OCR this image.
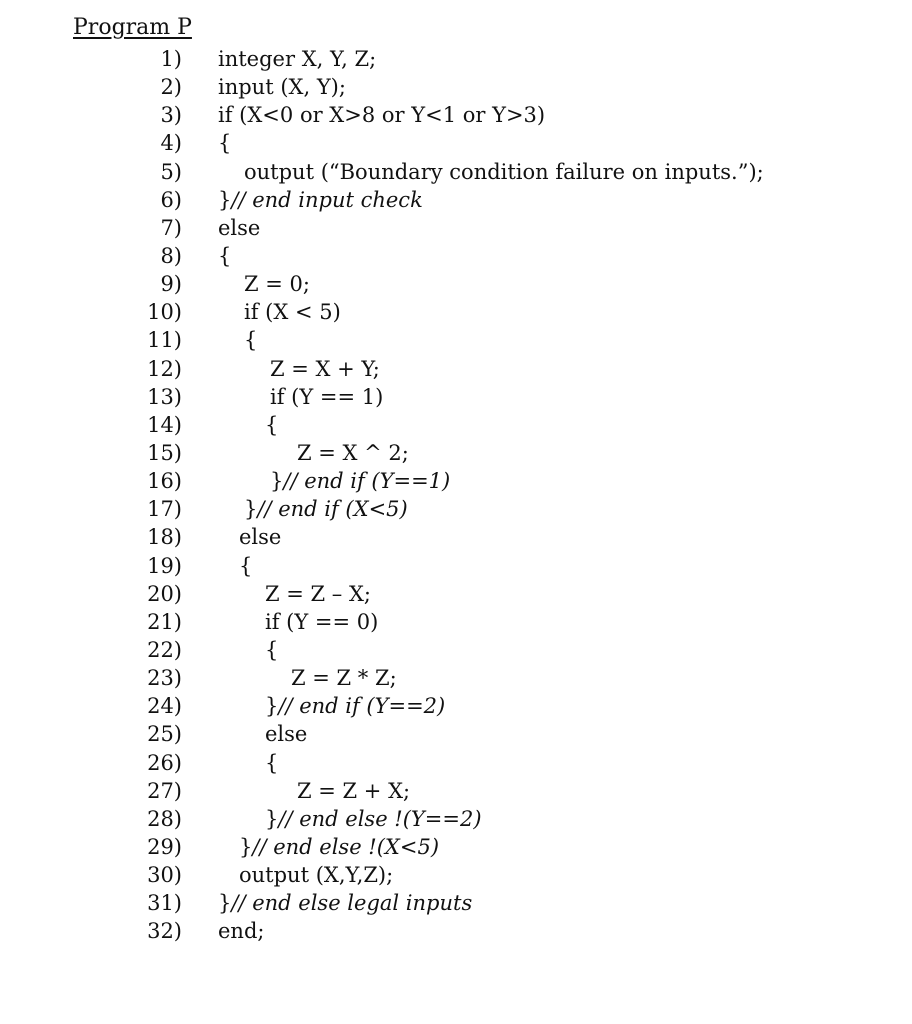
Program P
1) integer X, Y, Z;
2) input (X, Y);
3) if (X<0 or X>8 or Y<1 or Y>3)
4) {
5)	output (“Boundary condition failure on inputs.”);
6) }// end input check
7) else
8) {
9)	Z = 0;
10)	if (X < 5)
11)	{
12)	Z = X + Y;
13)	if (Y == 1)
14)	{
15)	Z = X ^ 2;
16)	}// end if (Y==1)
17)	}// end if (X<5)
18)	else
19)	{
20)	Z = Z – X;
21)	if (Y == 0)
22)	{
23)	Z = Z * Z;
24)	}// end if (Y==2)
25)	else
26)	{
27)	Z = Z + X;
28)	}// end else !(Y==2)
29)	}// end else !(X<5)
30)	output (X,Y,Z);
31) }// end else legal inputs
32) end;
